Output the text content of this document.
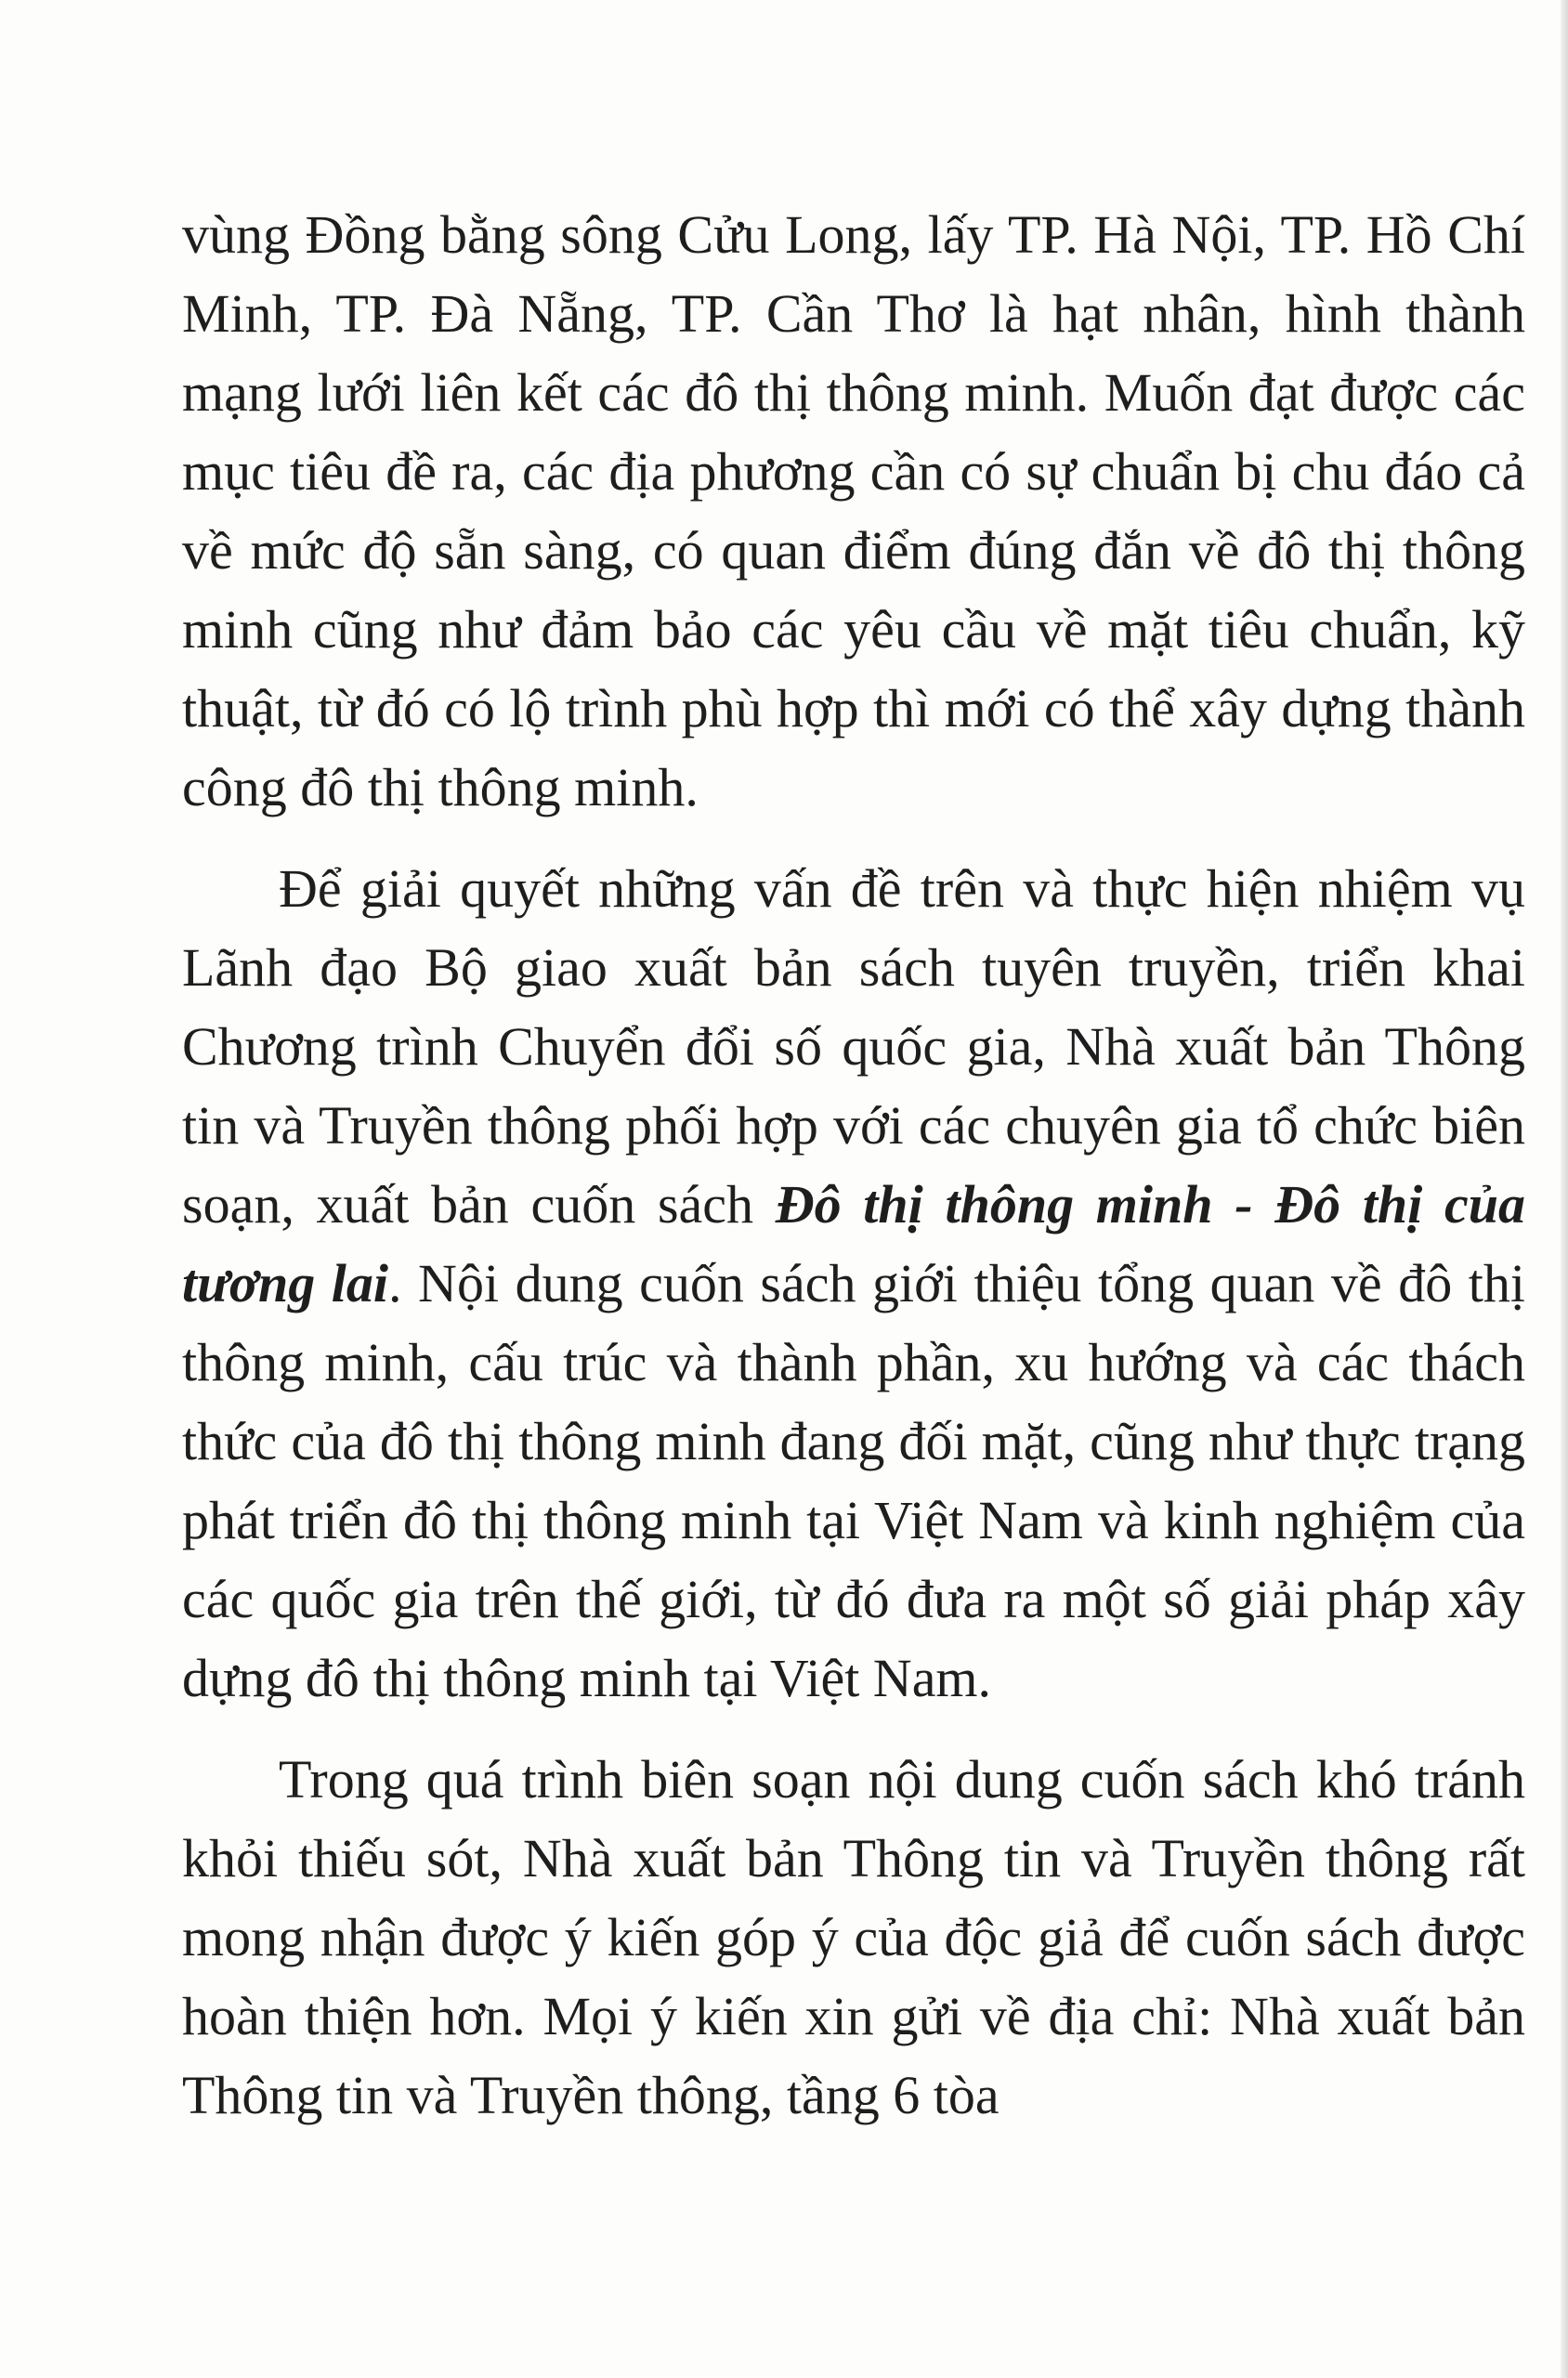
vùng Đồng bằng sông Cửu Long, lấy TP. Hà Nội, TP. Hồ Chí Minh, TP. Đà Nẵng, TP. Cần Thơ là hạt nhân, hình thành mạng lưới liên kết các đô thị thông minh. Muốn đạt được các mục tiêu đề ra, các địa phương cần có sự chuẩn bị chu đáo cả về mức độ sẵn sàng, có quan điểm đúng đắn về đô thị thông minh cũng như đảm bảo các yêu cầu về mặt tiêu chuẩn, kỹ thuật, từ đó có lộ trình phù hợp thì mới có thể xây dựng thành công đô thị thông minh.

Để giải quyết những vấn đề trên và thực hiện nhiệm vụ Lãnh đạo Bộ giao xuất bản sách tuyên truyền, triển khai Chương trình Chuyển đổi số quốc gia, Nhà xuất bản Thông tin và Truyền thông phối hợp với các chuyên gia tổ chức biên soạn, xuất bản cuốn sách Đô thị thông minh - Đô thị của tương lai. Nội dung cuốn sách giới thiệu tổng quan về đô thị thông minh, cấu trúc và thành phần, xu hướng và các thách thức của đô thị thông minh đang đối mặt, cũng như thực trạng phát triển đô thị thông minh tại Việt Nam và kinh nghiệm của các quốc gia trên thế giới, từ đó đưa ra một số giải pháp xây dựng đô thị thông minh tại Việt Nam.

Trong quá trình biên soạn nội dung cuốn sách khó tránh khỏi thiếu sót, Nhà xuất bản Thông tin và Truyền thông rất mong nhận được ý kiến góp ý của độc giả để cuốn sách được hoàn thiện hơn. Mọi ý kiến xin gửi về địa chỉ: Nhà xuất bản Thông tin và Truyền thông, tầng 6 tòa
